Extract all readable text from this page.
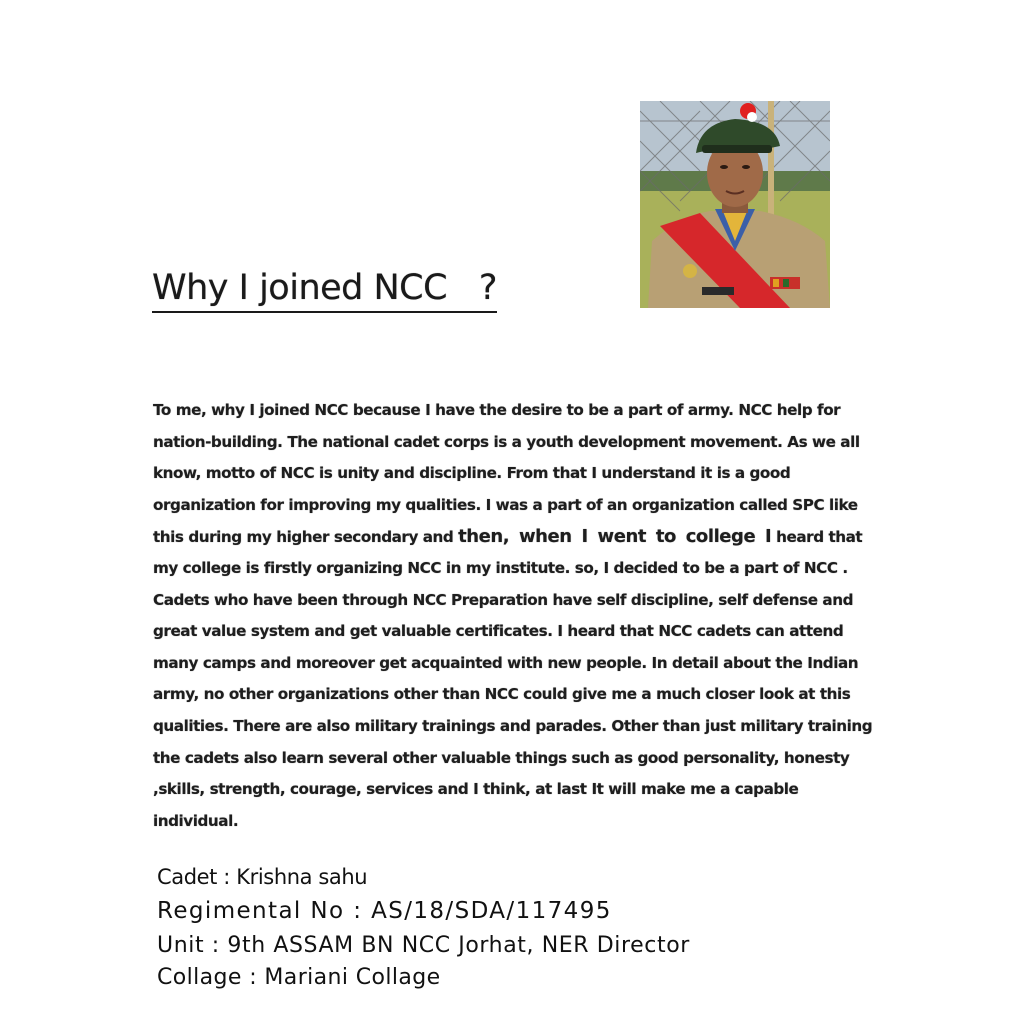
Why I joined NCC   ?
To me, why I joined NCC because I have the desire to be a part of army. NCC help for
nation-building. The national cadet corps is a youth development movement. As we all
know, motto of NCC is unity and discipline. From that I understand it is a good
organization for improving my qualities. I was a part of an organization called SPC like
this during my higher secondary and then, when I went to college I heard that
my college is firstly organizing NCC in my institute. so, I decided to be a part of NCC .
Cadets who have been through NCC Preparation have self discipline, self defense and
great value system and get valuable certificates. I heard that NCC cadets can attend
many camps and moreover get acquainted with new people. In detail about the Indian
army, no other organizations other than NCC could give me a much closer look at this
qualities. There are also military trainings and parades. Other than just military training
the cadets also learn several other valuable things such as good personality, honesty
,skills, strength, courage, services and I think, at last It will make me a capable
individual.
Cadet : Krishna sahu
Regimental No : AS/18/SDA/117495
Unit : 9th ASSAM BN NCC Jorhat, NER Director
Collage : Mariani Collage
